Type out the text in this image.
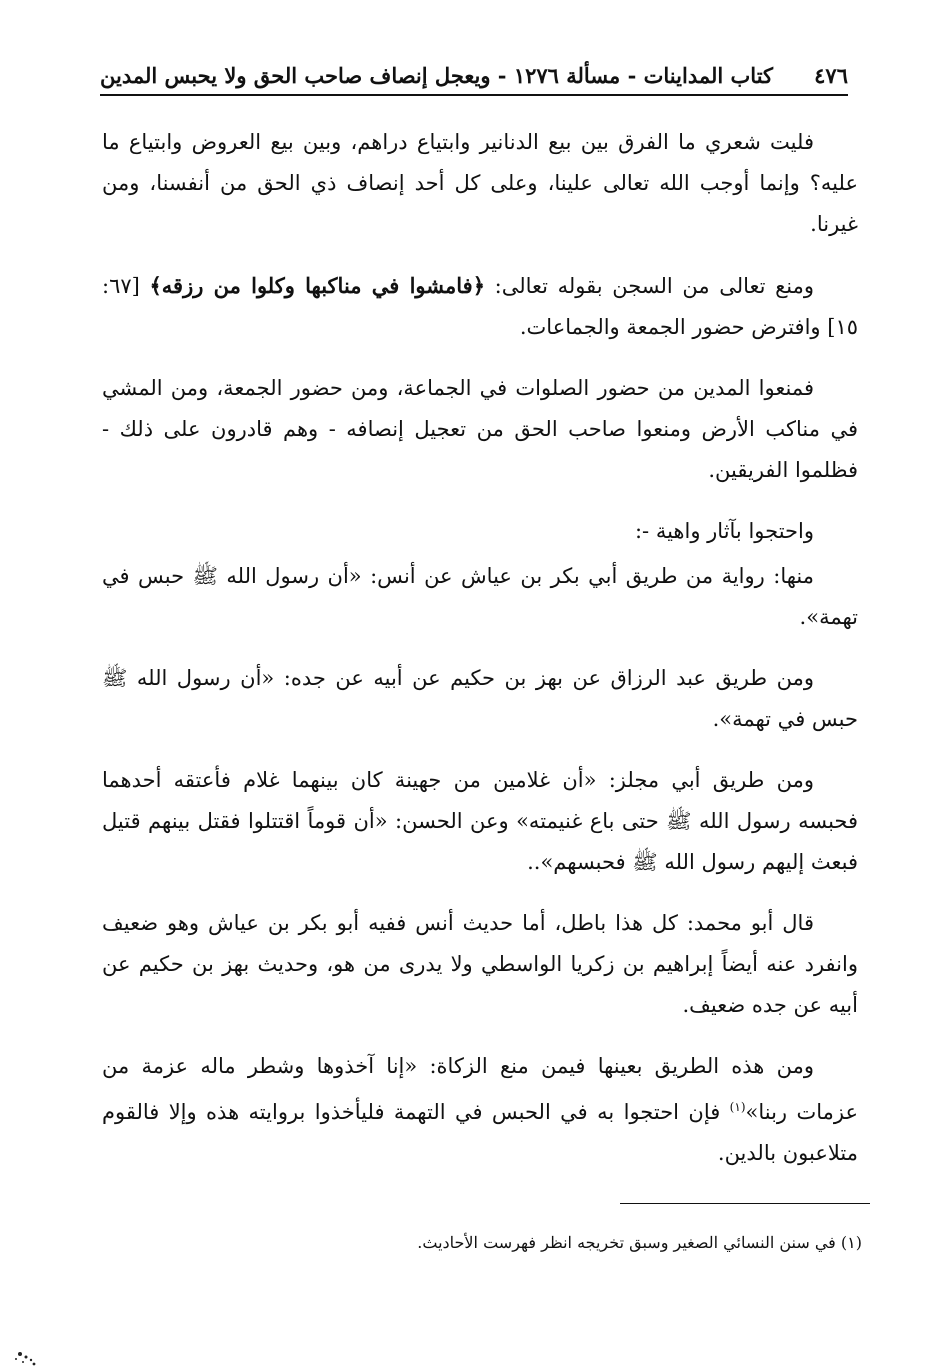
٤٧٦
كتاب المداينات - مسألة ١٢٧٦ - ويعجل إنصاف صاحب الحق ولا يحبس المدين

فليت شعري ما الفرق بين بيع الدنانير وابتياع دراهم، وبين بيع العروض وابتياع ما عليه؟ وإنما أوجب الله تعالى علينا، وعلى كل أحد إنصاف ذي الحق من أنفسنا، ومن غيرنا.

ومنع تعالى من السجن بقوله تعالى: ﴿فامشوا في مناكبها وكلوا من رزقه﴾ [٦٧: ١٥] وافترض حضور الجمعة والجماعات.

فمنعوا المدين من حضور الصلوات في الجماعة، ومن حضور الجمعة، ومن المشي في مناكب الأرض ومنعوا صاحب الحق من تعجيل إنصافه - وهم قادرون على ذلك - فظلموا الفريقين.

واحتجوا بآثار واهية -:

منها: رواية من طريق أبي بكر بن عياش عن أنس: «أن رسول الله ﷺ حبس في تهمة».

ومن طريق عبد الرزاق عن بهز بن حكيم عن أبيه عن جده: «أن رسول الله ﷺ حبس في تهمة».

ومن طريق أبي مجلز: «أن غلامين من جهينة كان بينهما غلام فأعتقه أحدهما فحبسه رسول الله ﷺ حتى باع غنيمته» وعن الحسن: «أن قوماً اقتتلوا فقتل بينهم قتيل فبعث إليهم رسول الله ﷺ فحبسهم»..

قال أبو محمد: كل هذا باطل، أما حديث أنس ففيه أبو بكر بن عياش وهو ضعيف وانفرد عنه أيضاً إبراهيم بن زكريا الواسطي ولا يدرى من هو، وحديث بهز بن حكيم عن أبيه عن جده ضعيف.

ومن هذه الطريق بعينها فيمن منع الزكاة: «إنا آخذوها وشطر ماله عزمة من عزمات ربنا»$^{(١)}$ فإن احتجوا به في الحبس في التهمة فليأخذوا بروايته هذه وإلا فالقوم متلاعبون بالدين.

(١) في سنن النسائي الصغير وسبق تخريجه انظر فهرست الأحاديث.
